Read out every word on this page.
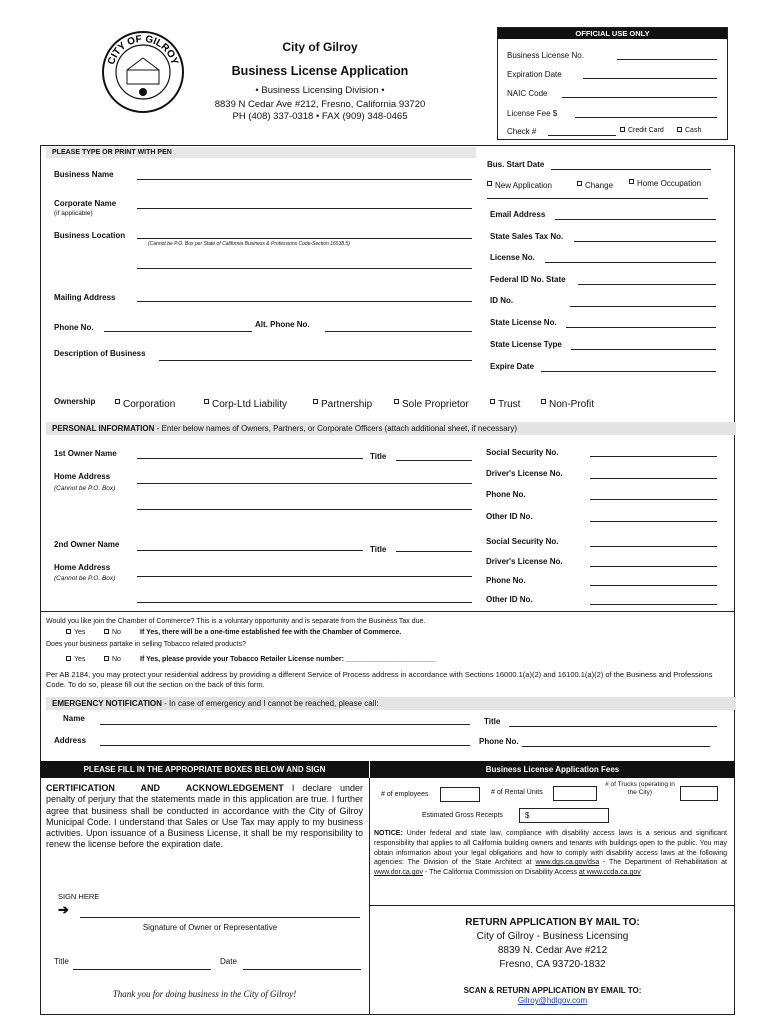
CITY OF GILROY
City of Gilroy
Business License Application
• Business Licensing Division •
8839 N Cedar Ave #212, Fresno, California 93720
PH (408) 337-0318 • FAX (909) 348-0465
OFFICIAL USE ONLY
Business License No.
Expiration Date
NAIC Code
License Fee $
Check #	Credit Card	Cash
PLEASE TYPE OR PRINT WITH PEN
Business Name
Corporate Name
(if applicable)
Business Location
(Cannot be P.O. Box per State of California Business & Professions Code-Section 16538.5)
Mailing Address
Phone No.	Alt. Phone No.
Description of Business
Bus. Start Date
New Application	Change	Home Occupation
Email Address
State Sales Tax No.
License No.
Federal ID No. State
ID No.
State License No.
State License Type
Expire Date
Ownership	Corporation	Corp-Ltd Liability	Partnership	Sole Proprietor	Trust	Non-Profit
PERSONAL INFORMATION - Enter below names of Owners, Partners, or Corporate Officers (attach additional sheet, if necessary)
1st Owner Name	Title
Home Address
(Cannot be P.O. Box)
Social Security No.
Driver's License No.
Phone No.
Other ID No.
2nd Owner Name
Title
Home Address
(Cannot be P.O. Box)
Social Security No.
Driver's License No.
Phone No.
Other ID No.
Would you like join the Chamber of Commerce? This is a voluntary opportunity and is separate from the Business Tax due.
Yes	No	If Yes, there will be a one-time established fee with the Chamber of Commerce.
Does your business partake in selling Tobacco related products?
Yes	No	If Yes, please provide your Tobacco Retailer License number: _______________________
Per AB 2184, you may protect your residential address by providing a different Service of Process address in accordance with Sections 16000.1(a)(2) and 16100.1(a)(2) of the Business and Professions Code. To do so, please fill out the section on the back of this form.
EMERGENCY NOTIFICATION - In case of emergency and I cannot be reached, please call:
Name	Title
Address	Phone No.
PLEASE FILL IN THE APPROPRIATE BOXES BELOW AND SIGN	Business License Application Fees
CERTIFICATION AND ACKNOWLEDGEMENT I declare under penalty of perjury that the statements made in this application are true. I further agree that business shall be conducted in accordance with the City of Gilroy Municipal Code. I understand that Sales or Use Tax may apply to my business activities. Upon issuance of a Business License, it shall be my responsibility to renew the license before the expiration date.
SIGN HERE
➔
Signature of Owner or Representative
Title	Date
Thank you for doing business in the City of Gilroy!
# of employees	# of Rental Units
# of Trucks (operating in the City)
Estimated Gross Receipts	$
NOTICE: Under federal and state law, compliance with disability access laws is a serious and significant responsibility that applies to all California building owners and tenants with buildings open to the public. You may obtain information about your legal obligations and how to comply with disability access laws at the following agencies: The Division of the State Architect at www.dgs.ca.gov/dsa - The Department of Rehabilitation at www.dor.ca.gov - The California Commission on Disability Access at www.ccda.ca.gov
RETURN APPLICATION BY MAIL TO:
City of Gilroy - Business Licensing
8839 N. Cedar Ave #212
Fresno, CA 93720-1832
SCAN & RETURN APPLICATION BY EMAIL TO:
Gilroy@hdlgov.com
